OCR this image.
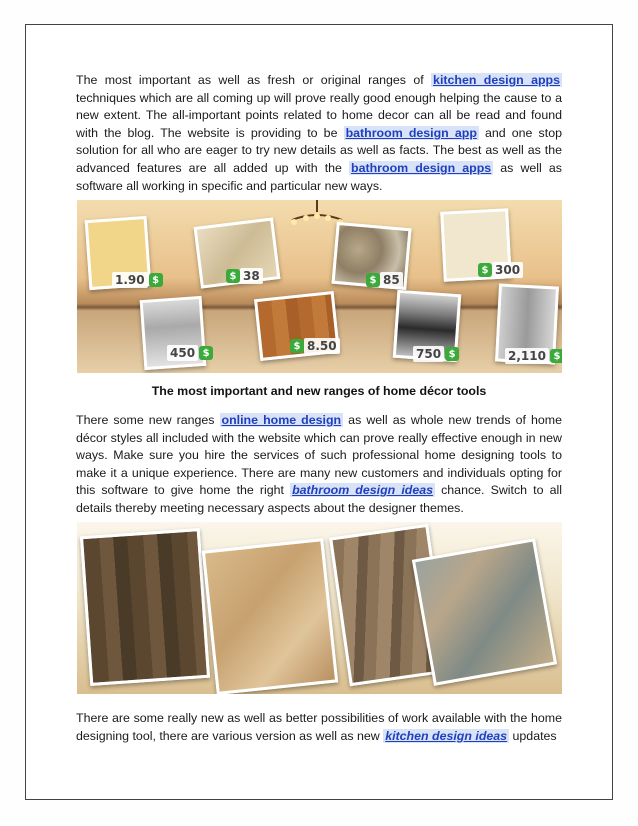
The most important as well as fresh or original ranges of kitchen design apps techniques which are all coming up will prove really good enough helping the cause to a new extent. The all-important points related to home decor can all be read and found with the blog. The website is providing to be bathroom design app and one stop solution for all who are eager to try new details as well as facts. The best as well as the advanced features are all added up with the bathroom design apps as well as software all working in specific and particular new ways.

1.90 $	$ 38	$ 85
$ 300
450 $
$ 8.50
750 $	2,110 $

The most important and new ranges of home décor tools

There some new ranges online home design as well as whole new trends of home décor styles all included with the website which can prove really effective enough in new ways. Make sure you hire the services of such professional home designing tools to make it a unique experience. There are many new customers and individuals opting for this software to give home the right bathroom design ideas chance. Switch to all details thereby meeting necessary aspects about the designer themes.

There are some really new as well as better possibilities of work available with the home designing tool, there are various version as well as new kitchen design ideas updates
